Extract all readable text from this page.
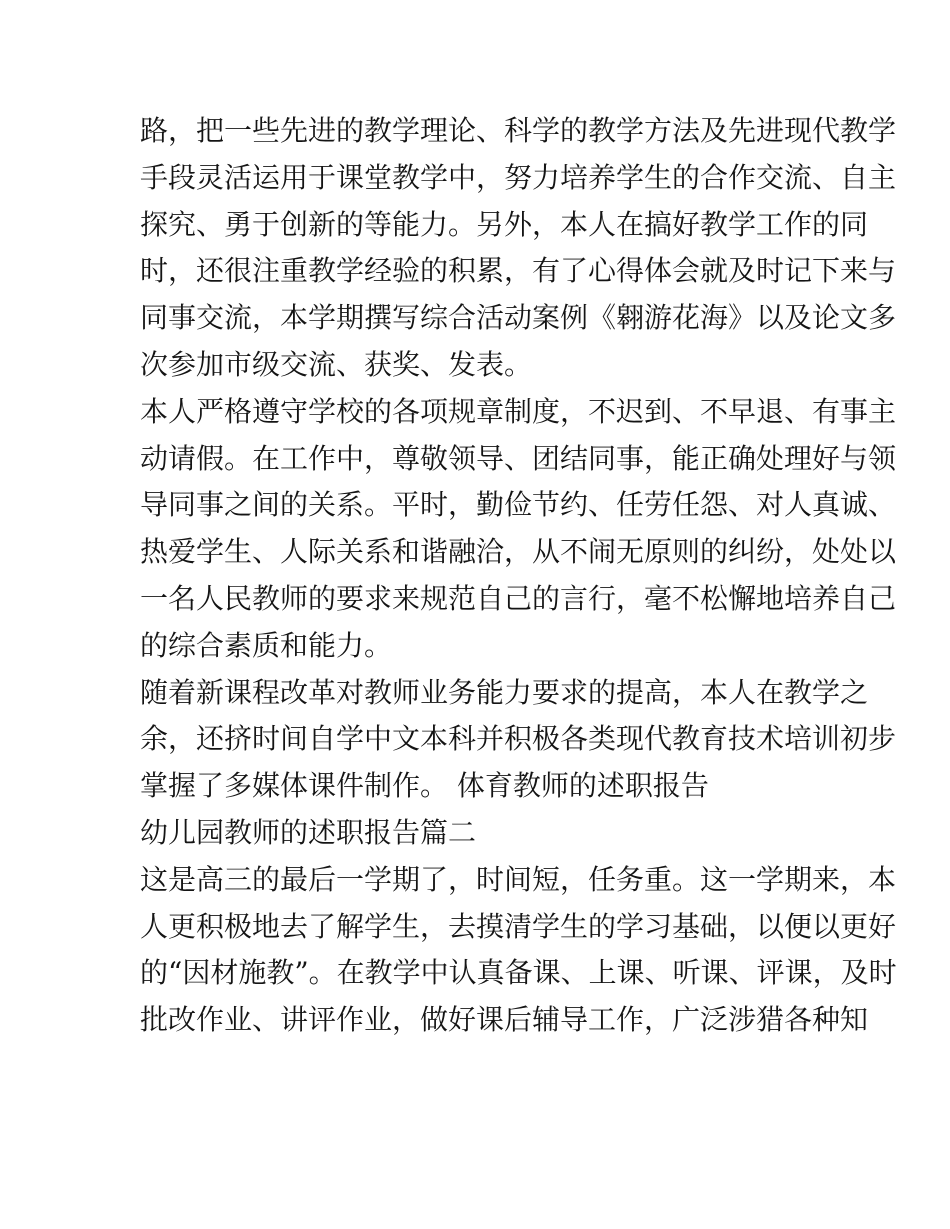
路，把一些先进的教学理论、科学的教学方法及先进现代教学
手段灵活运用于课堂教学中，努力培养学生的合作交流、自主
探究、勇于创新的等能力。另外，本人在搞好教学工作的同
时，还很注重教学经验的积累，有了心得体会就及时记下来与
同事交流，本学期撰写综合活动案例《翱游花海》以及论文多
次参加市级交流、获奖、发表。
本人严格遵守学校的各项规章制度，不迟到、不早退、有事主
动请假。在工作中，尊敬领导、团结同事，能正确处理好与领
导同事之间的关系。平时，勤俭节约、任劳任怨、对人真诚、
热爱学生、人际关系和谐融洽，从不闹无原则的纠纷，处处以
一名人民教师的要求来规范自己的言行，毫不松懈地培养自己
的综合素质和能力。
随着新课程改革对教师业务能力要求的提高，本人在教学之
余，还挤时间自学中文本科并积极各类现代教育技术培训初步
掌握了多媒体课件制作。 体育教师的述职报告
幼儿园教师的述职报告篇二
这是高三的最后一学期了，时间短，任务重。这一学期来，本
人更积极地去了解学生，去摸清学生的学习基础，以便以更好
的“因材施教”。在教学中认真备课、上课、听课、评课，及时
批改作业、讲评作业，做好课后辅导工作，广泛涉猎各种知
